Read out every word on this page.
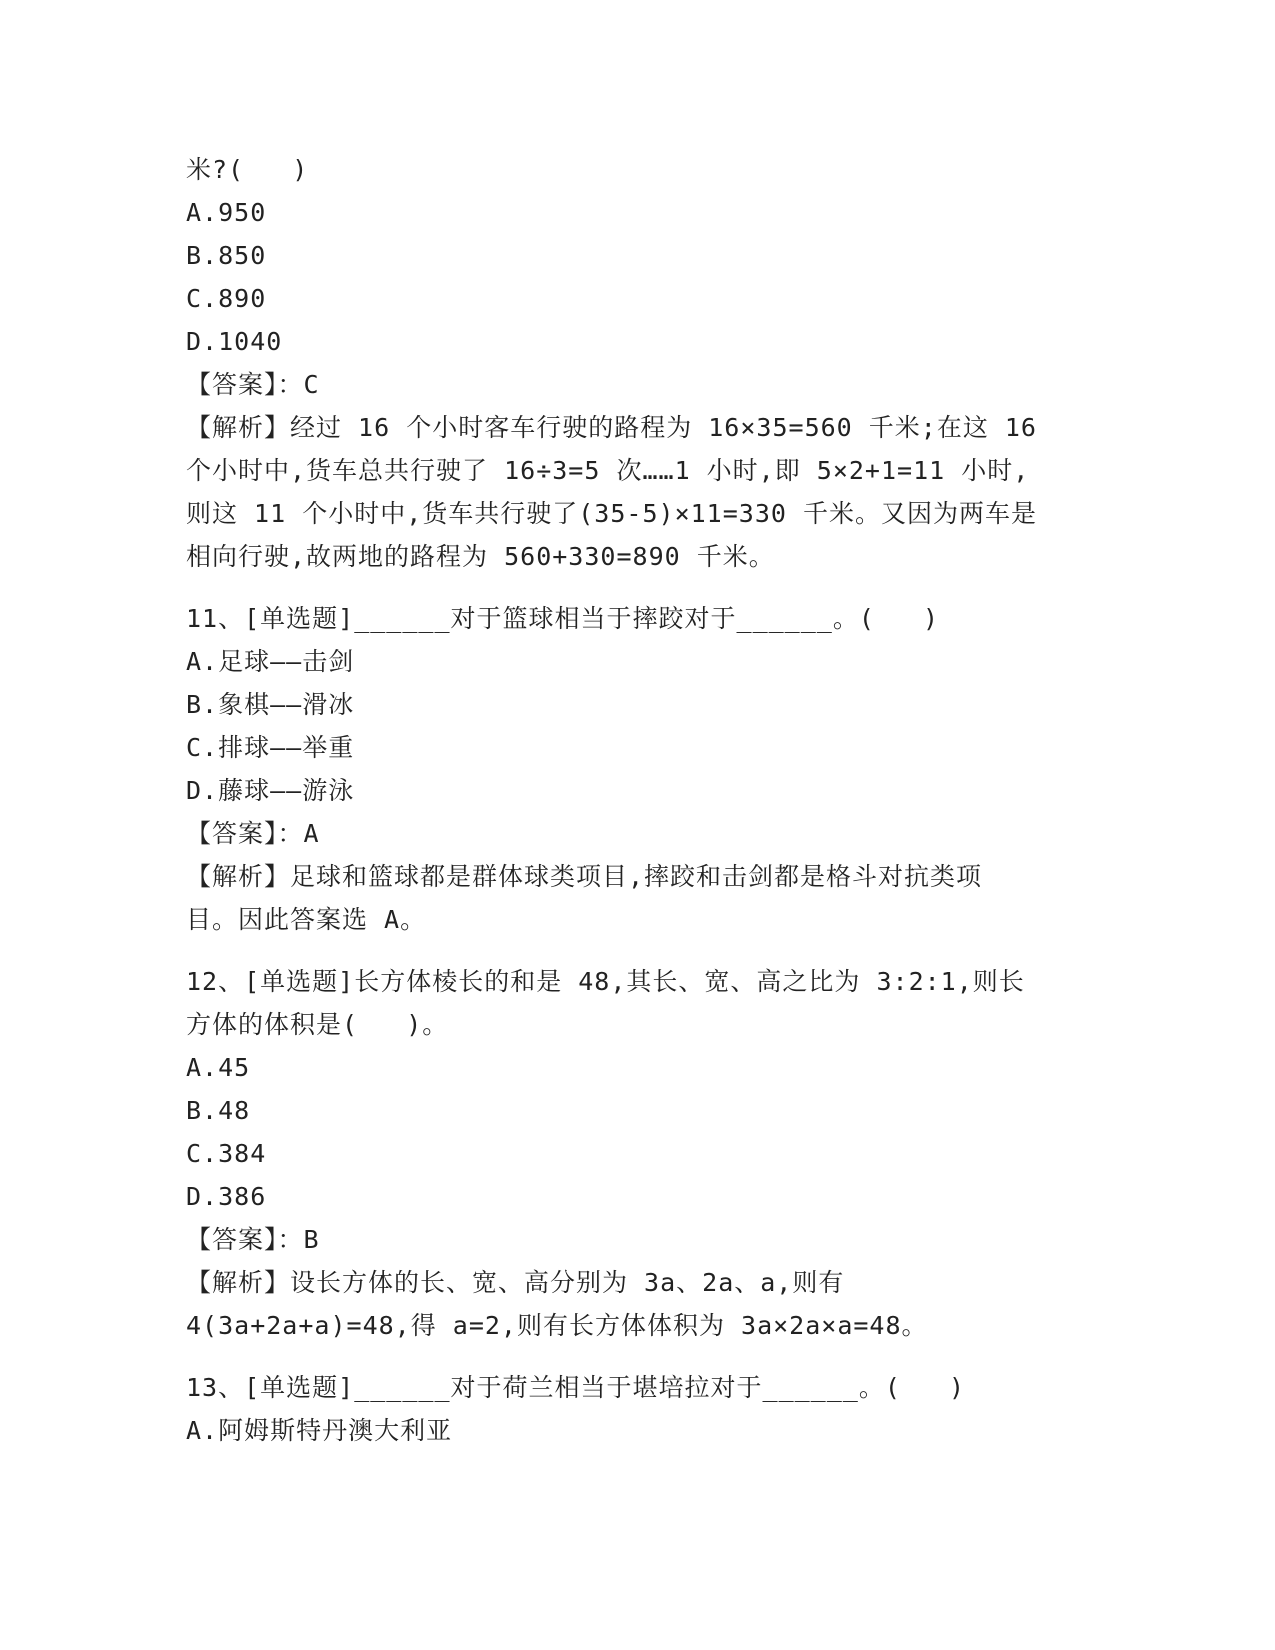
米?(   )
A.950
B.850
C.890
D.1040
【答案】：C
【解析】经过 16 个小时客车行驶的路程为 16×35=560 千米;在这 16
个小时中,货车总共行驶了 16÷3=5 次……1 小时,即 5×2+1=11 小时,
则这 11 个小时中,货车共行驶了(35-5)×11=330 千米。又因为两车是
相向行驶,故两地的路程为 560+330=890 千米。
11、[单选题]______对于篮球相当于摔跤对于______。(   )
A.足球——击剑
B.象棋——滑冰
C.排球——举重
D.藤球——游泳
【答案】：A
【解析】足球和篮球都是群体球类项目,摔跤和击剑都是格斗对抗类项
目。因此答案选 A。
12、[单选题]长方体棱长的和是 48,其长、宽、高之比为 3:2:1,则长
方体的体积是(   )。
A.45
B.48
C.384
D.386
【答案】：B
【解析】设长方体的长、宽、高分别为 3a、2a、a,则有
4(3a+2a+a)=48,得 a=2,则有长方体体积为 3a×2a×a=48。
13、[单选题]______对于荷兰相当于堪培拉对于______。(   )
A.阿姆斯特丹澳大利亚
